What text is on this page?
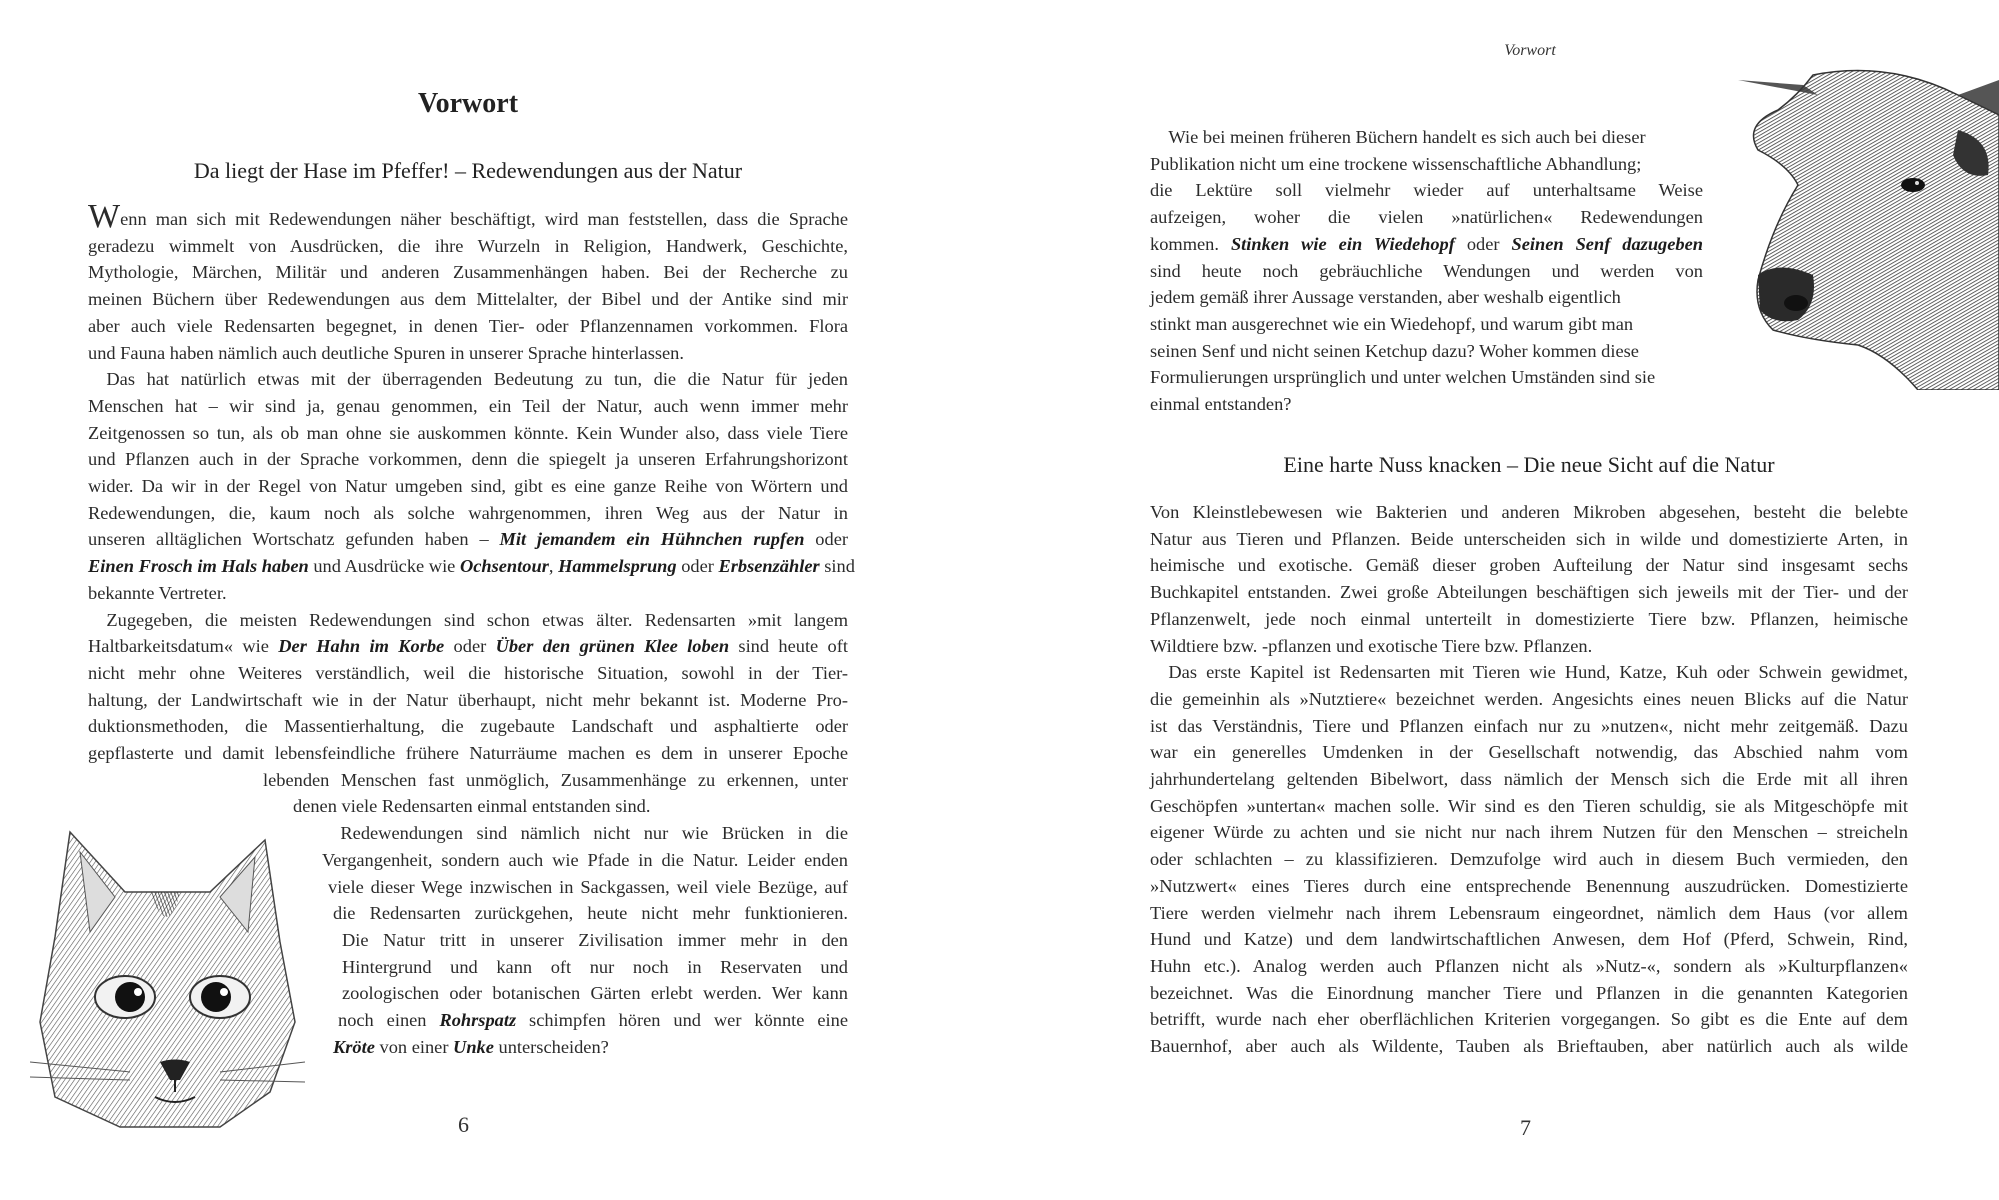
Vorwort
Da liegt der Hase im Pfeffer! – Redewendungen aus der Natur
Wenn man sich mit Redewendungen näher beschäftigt, wird man feststellen, dass die Sprache
geradezu wimmelt von Ausdrücken, die ihre Wurzeln in Religion, Handwerk, Geschichte,
Mythologie, Märchen, Militär und anderen Zusammenhängen haben. Bei der Recherche zu
meinen Büchern über Redewendungen aus dem Mittelalter, der Bibel und der Antike sind mir
aber auch viele Redensarten begegnet, in denen Tier- oder Pflanzennamen vorkommen. Flora
und Fauna haben nämlich auch deutliche Spuren in unserer Sprache hinterlassen.
 Das hat natürlich etwas mit der überragenden Bedeutung zu tun, die die Natur für jeden
Menschen hat – wir sind ja, genau genommen, ein Teil der Natur, auch wenn immer mehr
Zeitgenossen so tun, als ob man ohne sie auskommen könnte. Kein Wunder also, dass viele Tiere
und Pflanzen auch in der Sprache vorkommen, denn die spiegelt ja unseren Erfahrungshorizont
wider. Da wir in der Regel von Natur umgeben sind, gibt es eine ganze Reihe von Wörtern und
Redewendungen, die, kaum noch als solche wahrgenommen, ihren Weg aus der Natur in
unseren alltäglichen Wortschatz gefunden haben – Mit jemandem ein Hühnchen rupfen oder
Einen Frosch im Hals haben und Ausdrücke wie Ochsentour, Hammelsprung oder Erbsenzähler sind
bekannte Vertreter.
 Zugegeben, die meisten Redewendungen sind schon etwas älter. Redensarten »mit langem
Haltbarkeitsdatum« wie Der Hahn im Korbe oder Über den grünen Klee loben sind heute oft
nicht mehr ohne Weiteres verständlich, weil die historische Situation, sowohl in der Tier-
haltung, der Landwirtschaft wie in der Natur überhaupt, nicht mehr bekannt ist. Moderne Pro-
duktionsmethoden, die Massentierhaltung, die zugebaute Landschaft und asphaltierte oder
gepflasterte und damit lebensfeindliche frühere Naturräume machen es dem in unserer Epoche
lebenden Menschen fast unmöglich, Zusammenhänge zu erkennen, unter
denen viele Redensarten einmal entstanden sind.
 Redewendungen sind nämlich nicht nur wie Brücken in die
Vergangenheit, sondern auch wie Pfade in die Natur. Leider enden
viele dieser Wege inzwischen in Sackgassen, weil viele Bezüge, auf
die Redensarten zurückgehen, heute nicht mehr funktionieren.
Die Natur tritt in unserer Zivilisation immer mehr in den
Hintergrund und kann oft nur noch in Reservaten und
zoologischen oder botanischen Gärten erlebt werden. Wer kann
noch einen Rohrspatz schimpfen hören und wer könnte eine
Kröte von einer Unke unterscheiden?
6
Vorwort
 Wie bei meinen früheren Büchern handelt es sich auch bei dieser
Publikation nicht um eine trockene wissenschaftliche Abhandlung;
die Lektüre soll vielmehr wieder auf unterhaltsame Weise
aufzeigen, woher die vielen »natürlichen« Redewendungen
kommen. Stinken wie ein Wiedehopf oder Seinen Senf dazugeben
sind heute noch gebräuchliche Wendungen und werden von
jedem gemäß ihrer Aussage verstanden, aber weshalb eigentlich
stinkt man ausgerechnet wie ein Wiedehopf, und warum gibt man
seinen Senf und nicht seinen Ketchup dazu? Woher kommen diese
Formulierungen ursprünglich und unter welchen Umständen sind sie
einmal entstanden?
Eine harte Nuss knacken – Die neue Sicht auf die Natur
Von Kleinstlebewesen wie Bakterien und anderen Mikroben abgesehen, besteht die belebte
Natur aus Tieren und Pflanzen. Beide unterscheiden sich in wilde und domestizierte Arten, in
heimische und exotische. Gemäß dieser groben Aufteilung der Natur sind insgesamt sechs
Buchkapitel entstanden. Zwei große Abteilungen beschäftigen sich jeweils mit der Tier- und der
Pflanzenwelt, jede noch einmal unterteilt in domestizierte Tiere bzw. Pflanzen, heimische
Wildtiere bzw. -pflanzen und exotische Tiere bzw. Pflanzen.
 Das erste Kapitel ist Redensarten mit Tieren wie Hund, Katze, Kuh oder Schwein gewidmet,
die gemeinhin als »Nutztiere« bezeichnet werden. Angesichts eines neuen Blicks auf die Natur
ist das Verständnis, Tiere und Pflanzen einfach nur zu »nutzen«, nicht mehr zeitgemäß. Dazu
war ein generelles Umdenken in der Gesellschaft notwendig, das Abschied nahm vom
jahrhundertelang geltenden Bibelwort, dass nämlich der Mensch sich die Erde mit all ihren
Geschöpfen »untertan« machen solle. Wir sind es den Tieren schuldig, sie als Mitgeschöpfe mit
eigener Würde zu achten und sie nicht nur nach ihrem Nutzen für den Menschen – streicheln
oder schlachten – zu klassifizieren. Demzufolge wird auch in diesem Buch vermieden, den
»Nutzwert« eines Tieres durch eine entsprechende Benennung auszudrücken. Domestizierte
Tiere werden vielmehr nach ihrem Lebensraum eingeordnet, nämlich dem Haus (vor allem
Hund und Katze) und dem landwirtschaftlichen Anwesen, dem Hof (Pferd, Schwein, Rind,
Huhn etc.). Analog werden auch Pflanzen nicht als »Nutz-«, sondern als »Kulturpflanzen«
bezeichnet. Was die Einordnung mancher Tiere und Pflanzen in die genannten Kategorien
betrifft, wurde nach eher oberflächlichen Kriterien vorgegangen. So gibt es die Ente auf dem
Bauernhof, aber auch als Wildente, Tauben als Brieftauben, aber natürlich auch als wilde
7
